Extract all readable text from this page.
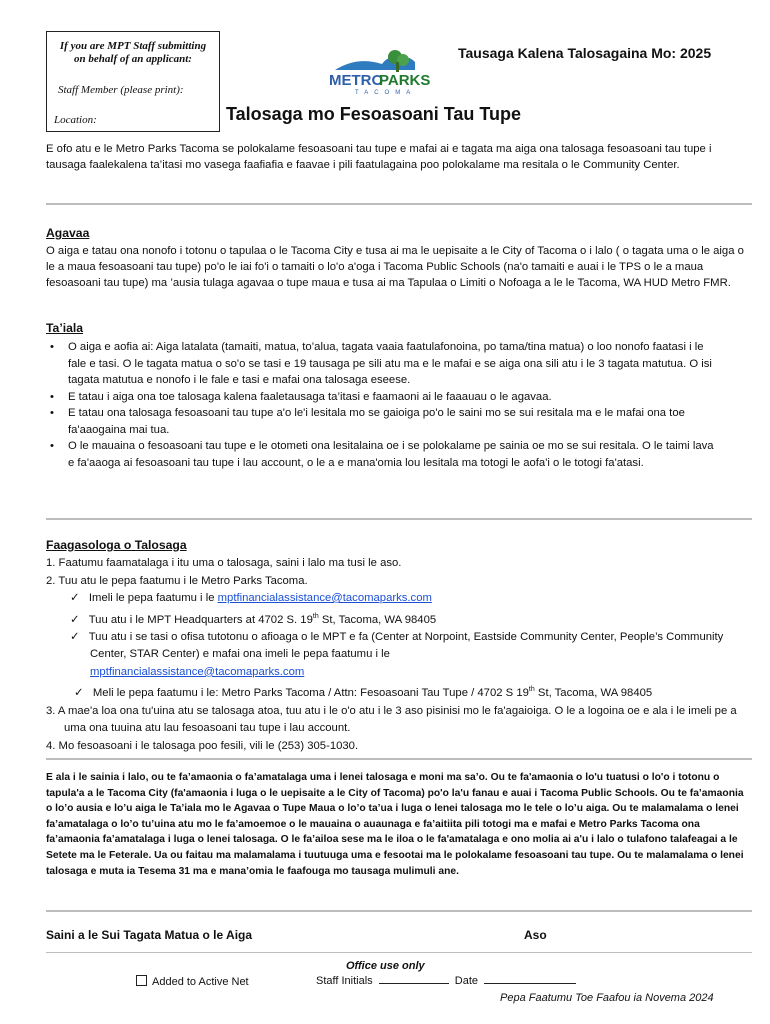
If you are MPT Staff submitting on behalf of an applicant:
Staff Member (please print):
Location:
METRO
PARKS
TACOMA
Tausaga Kalena Talosagaina Mo: 2025
Talosaga mo Fesoasoani Tau Tupe
E ofo atu e le Metro Parks Tacoma se polokalame fesoasoani tau tupe e mafai ai e tagata ma aiga ona talosaga fesoasoani tau tupe i tausaga faalekalena ta’itasi mo vasega faafiafia e faavae i pili faatulagaina poo polokalame ma resitala o le Community Center.
Agavaa
O aiga e tatau ona nonofo i totonu o tapulaa o le Tacoma City e tusa ai ma le uepisaite a le City of Tacoma o i lalo ( o tagata uma o le aiga o le a maua fesoasoani tau tupe) po'o le iai fo'i o tamaiti o lo'o a'oga i Tacoma Public Schools (na'o tamaiti e auai i le TPS o le a maua fesoasoani tau tupe) ma ’ausia tulaga agavaa o tupe maua e tusa ai ma Tapulaa o Limiti o Nofoaga a le le Tacoma, WA HUD Metro FMR.
Ta’iala
• O aiga e aofia ai: Aiga latalata (tamaiti, matua, to’alua, tagata vaaia faatulafonoina, po tama/tina matua) o loo nonofo faatasi i le fale e tasi. O le tagata matua o so'o se tasi e 19 tausaga pe sili atu ma e le mafai e se aiga ona sili atu i le 3 tagata matutua. O isi tagata matutua e nonofo i le fale e tasi e mafai ona talosaga eseese.
• E tatau i aiga ona toe talosaga kalena faaletausaga ta’itasi e faamaoni ai le faaauau o le agavaa.
• E tatau ona talosaga fesoasoani tau tupe a'o le'i lesitala mo se gaioiga po'o le saini mo se sui resitala ma e le mafai ona toe fa'aaogaina mai tua.
• O le mauaina o fesoasoani tau tupe e le otometi ona lesitalaina oe i se polokalame pe sainia oe mo se sui resitala. O le taimi lava e fa'aaoga ai fesoasoani tau tupe i lau account, o le a e mana'omia lou lesitala ma totogi le aofa'i o le totogi fa'atasi.
Faagasologa o Talosaga
1. Faatumu faamatalaga i itu uma o talosaga, saini i lalo ma tusi le aso.
2. Tuu atu le pepa faatumu i le Metro Parks Tacoma.
✓ Imeli le pepa faatumu i le mptfinancialassistance@tacomaparks.com
✓ Tuu atu i le MPT Headquarters at 4702 S. 19th St, Tacoma, WA 98405
✓ Tuu atu i se tasi o ofisa tutotonu o afioaga o le MPT e fa (Center at Norpoint, Eastside Community Center, People’s Community Center, STAR Center) e mafai ona imeli le pepa faatumu i le
mptfinancialassistance@tacomaparks.com
✓ Meli le pepa faatumu i le: Metro Parks Tacoma / Attn: Fesoasoani Tau Tupe / 4702 S 19th St, Tacoma, WA 98405
3. A mae'a loa ona tu'uina atu se talosaga atoa, tuu atu i le o'o atu i le 3 aso pisinisi mo le fa'agaioiga. O le a logoina oe e ala i le imeli pe a uma ona tuuina atu lau fesoasoani tau tupe i lau account.
4. Mo fesoasoani i le talosaga poo fesili, vili le (253) 305-1030.
E ala i le sainia i lalo, ou te fa’amaonia o fa’amatalaga uma i lenei talosaga e moni ma sa’o. Ou te fa'amaonia o lo'u tuatusi o lo'o i totonu o tapula'a a le Tacoma City (fa'amaonia i luga o le uepisaite a le City of Tacoma) po'o la'u fanau e auai i Tacoma Public Schools. Ou te fa’amaonia o lo’o ausia e lo’u aiga le Ta’iala mo le Agavaa o Tupe Maua o lo’o ta’ua i luga o lenei talosaga mo le tele o lo’u aiga. Ou te malamalama o lenei fa’amatalaga o lo’o tu’uina atu mo le fa’amoemoe o le mauaina o auaunaga e fa’aitiita pili totogi ma e mafai e Metro Parks Tacoma ona fa’amaonia fa’amatalaga i luga o lenei talosaga. O le fa’ailoa sese ma le iloa o le fa'amatalaga e ono molia ai a'u i lalo o tulafono talafeagai a le Setete ma le Feterale. Ua ou faitau ma malamalama i tuutuuga uma e fesootai ma le polokalame fesoasoani tau tupe. Ou te malamalama o lenei talosaga e muta ia Tesema 31 ma e mana’omia le faafouga mo tausaga mulimuli ane.
Saini a le Sui Tagata Matua o le Aiga	Aso
Office use only
Added to Active Net	Staff Initials	Date
Pepa Faatumu Toe Faafou ia Novema 2024
